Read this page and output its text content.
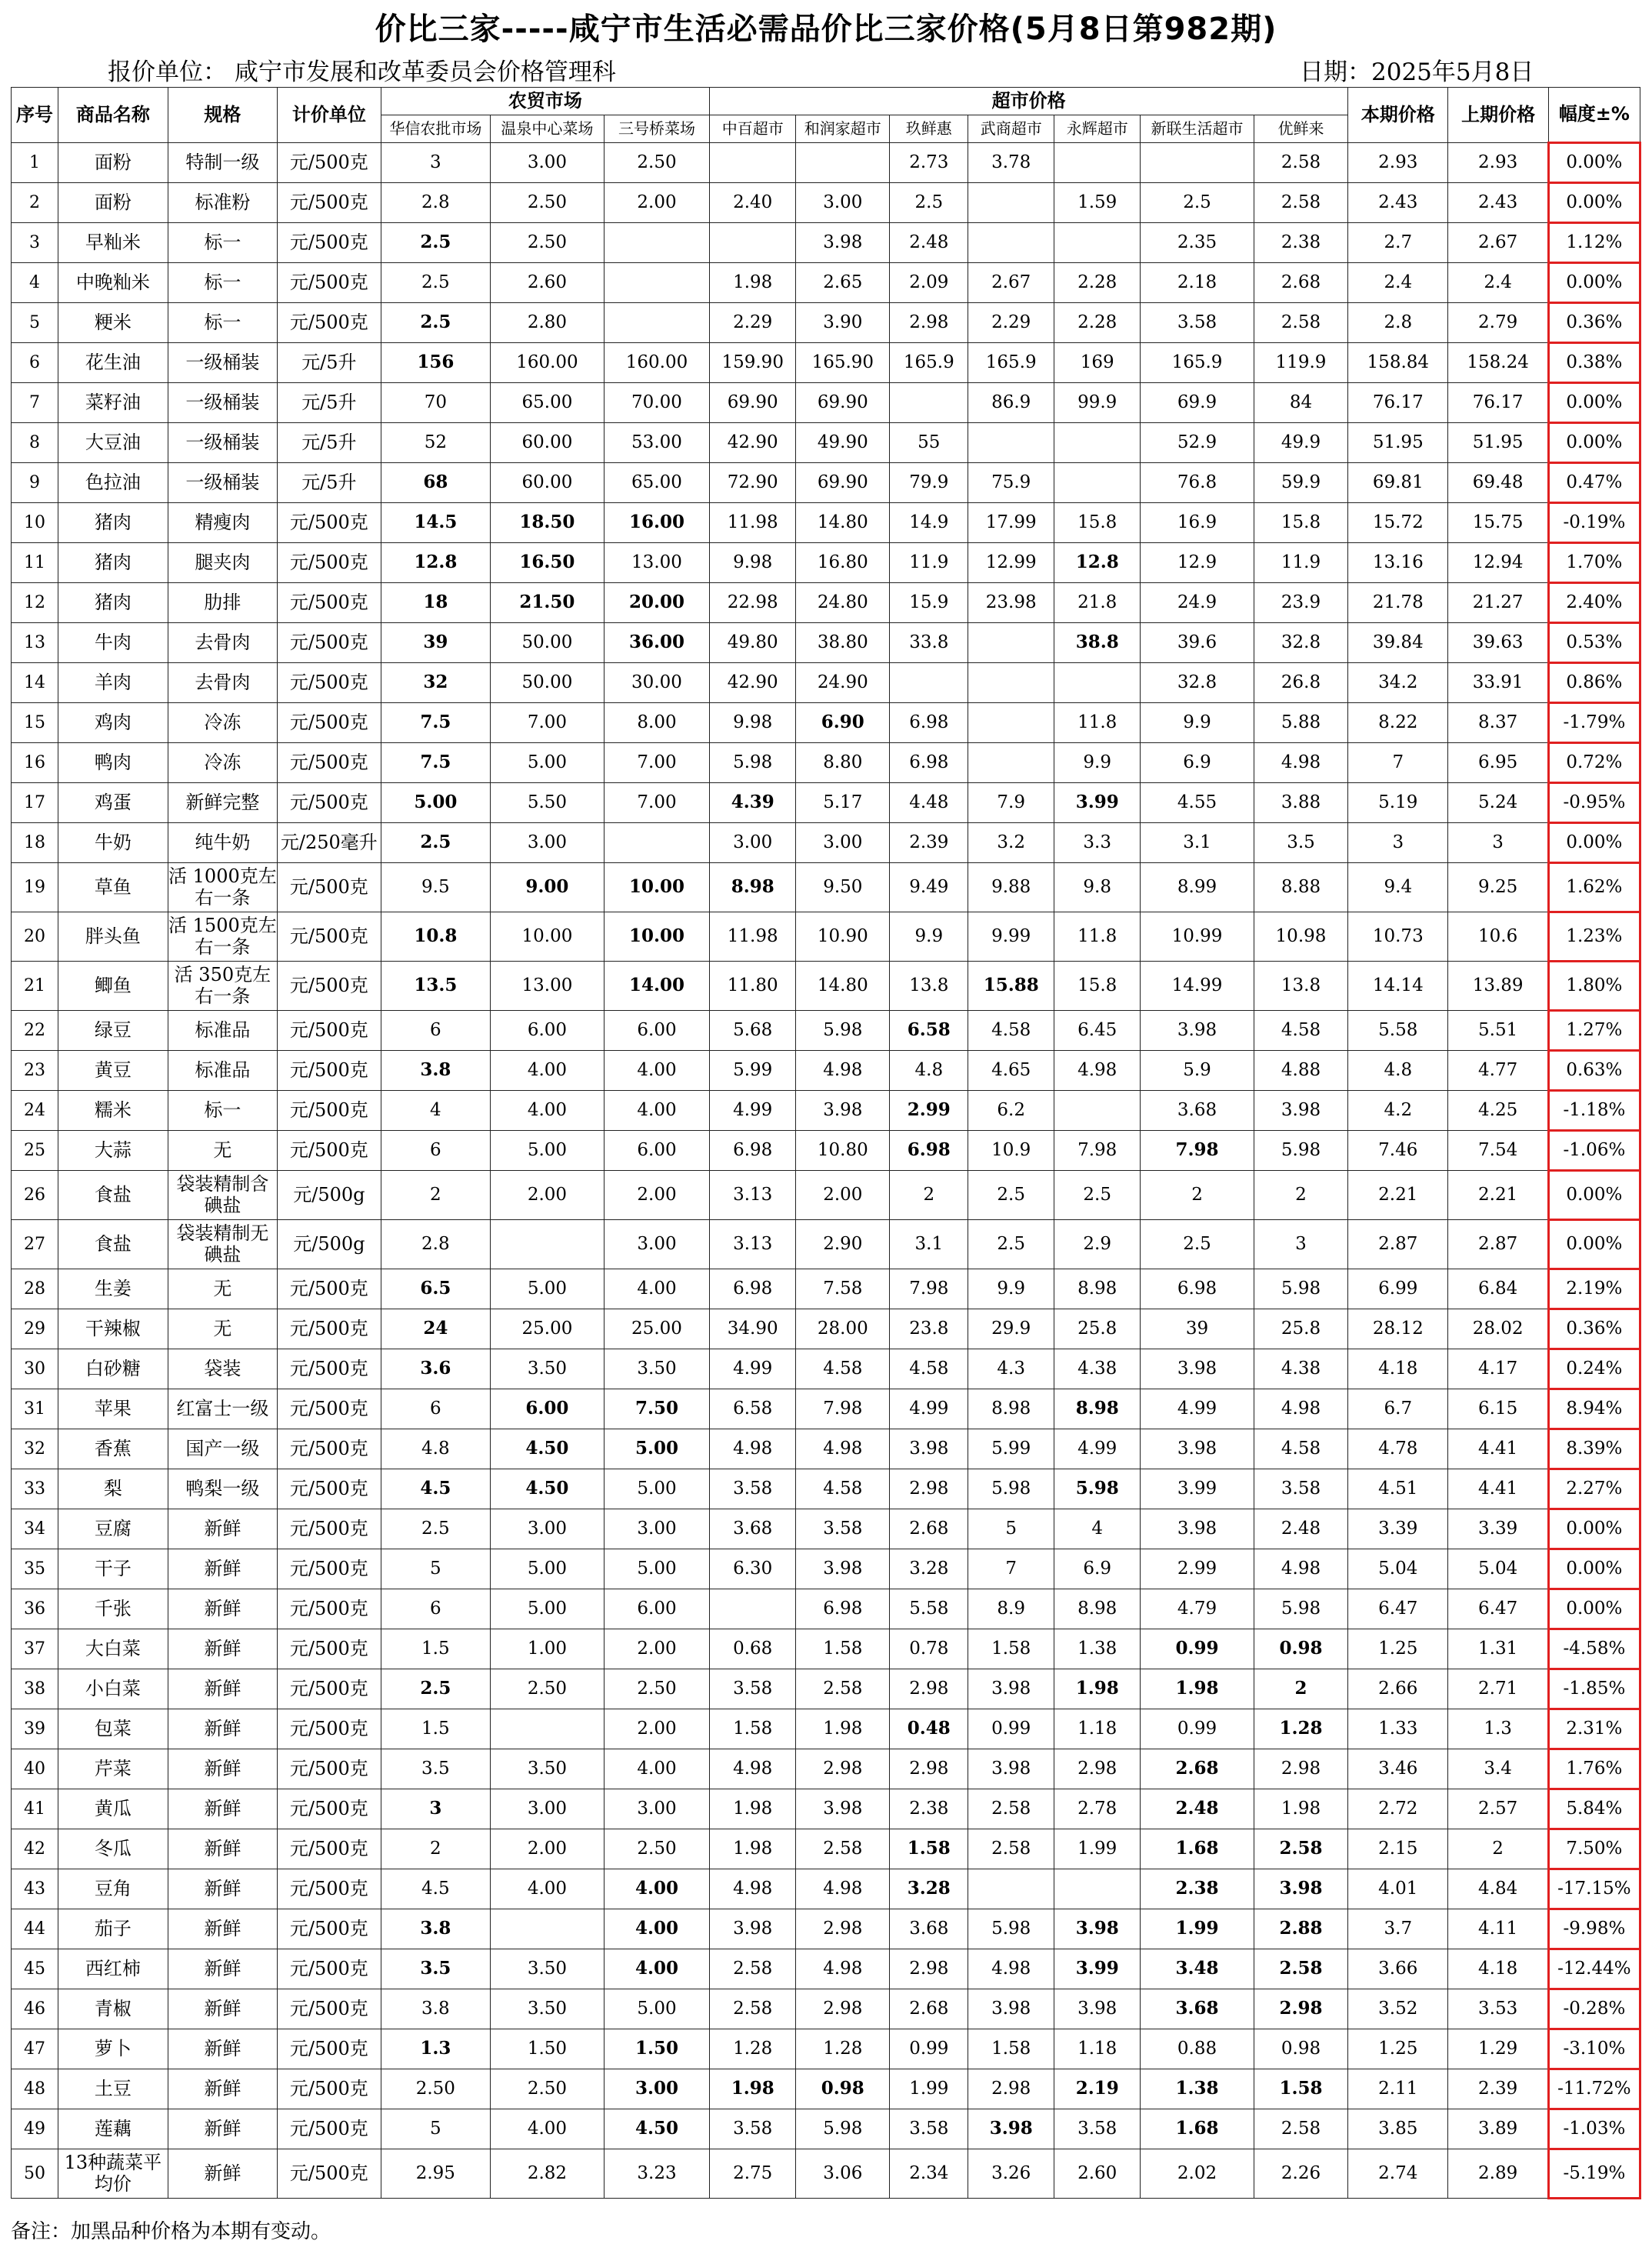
价比三家-----咸宁市生活必需品价比三家价格(5月8日第982期)
报价单位： 咸宁市发展和改革委员会价格管理科	日期：2025年5月8日
序号	商品名称	规格	计价单位	农贸市场			超市价格							本期价格	上期价格	幅度±%
				华信农批市场	温泉中心菜场	三号桥菜场	中百超市	和润家超市	玖鲜惠	武商超市	永辉超市	新联生活超市	优鲜来			
1	面粉	特制一级	元/500克	3	3.00	2.50			2.73	3.78			2.58	2.93	2.93	0.00%
2	面粉	标准粉	元/500克	2.8	2.50	2.00	2.40	3.00	2.5		1.59	2.5	2.58	2.43	2.43	0.00%
3	早籼米	标一	元/500克	2.5	2.50			3.98	2.48			2.35	2.38	2.7	2.67	1.12%
4	中晚籼米	标一	元/500克	2.5	2.60		1.98	2.65	2.09	2.67	2.28	2.18	2.68	2.4	2.4	0.00%
5	粳米	标一	元/500克	2.5	2.80		2.29	3.90	2.98	2.29	2.28	3.58	2.58	2.8	2.79	0.36%
6	花生油	一级桶装	元/5升	156	160.00	160.00	159.90	165.90	165.9	165.9	169	165.9	119.9	158.84	158.24	0.38%
7	菜籽油	一级桶装	元/5升	70	65.00	70.00	69.90	69.90		86.9	99.9	69.9	84	76.17	76.17	0.00%
8	大豆油	一级桶装	元/5升	52	60.00	53.00	42.90	49.90	55			52.9	49.9	51.95	51.95	0.00%
9	色拉油	一级桶装	元/5升	68	60.00	65.00	72.90	69.90	79.9	75.9		76.8	59.9	69.81	69.48	0.47%
10	猪肉	精瘦肉	元/500克	14.5	18.50	16.00	11.98	14.80	14.9	17.99	15.8	16.9	15.8	15.72	15.75	-0.19%
11	猪肉	腿夹肉	元/500克	12.8	16.50	13.00	9.98	16.80	11.9	12.99	12.8	12.9	11.9	13.16	12.94	1.70%
12	猪肉	肋排	元/500克	18	21.50	20.00	22.98	24.80	15.9	23.98	21.8	24.9	23.9	21.78	21.27	2.40%
13	牛肉	去骨肉	元/500克	39	50.00	36.00	49.80	38.80	33.8		38.8	39.6	32.8	39.84	39.63	0.53%
14	羊肉	去骨肉	元/500克	32	50.00	30.00	42.90	24.90				32.8	26.8	34.2	33.91	0.86%
15	鸡肉	冷冻	元/500克	7.5	7.00	8.00	9.98	6.90	6.98		11.8	9.9	5.88	8.22	8.37	-1.79%
16	鸭肉	冷冻	元/500克	7.5	5.00	7.00	5.98	8.80	6.98		9.9	6.9	4.98	7	6.95	0.72%
17	鸡蛋	新鲜完整	元/500克	5.00	5.50	7.00	4.39	5.17	4.48	7.9	3.99	4.55	3.88	5.19	5.24	-0.95%
18	牛奶	纯牛奶	元/250毫升	2.5	3.00		3.00	3.00	2.39	3.2	3.3	3.1	3.5	3	3	0.00%
19	草鱼	活 1000克左右一条	元/500克	9.5	9.00	10.00	8.98	9.50	9.49	9.88	9.8	8.99	8.88	9.4	9.25	1.62%
20	胖头鱼	活 1500克左右一条	元/500克	10.8	10.00	10.00	11.98	10.90	9.9	9.99	11.8	10.99	10.98	10.73	10.6	1.23%
21	鲫鱼	活 350克左右一条	元/500克	13.5	13.00	14.00	11.80	14.80	13.8	15.88	15.8	14.99	13.8	14.14	13.89	1.80%
22	绿豆	标准品	元/500克	6	6.00	6.00	5.68	5.98	6.58	4.58	6.45	3.98	4.58	5.58	5.51	1.27%
23	黄豆	标准品	元/500克	3.8	4.00	4.00	5.99	4.98	4.8	4.65	4.98	5.9	4.88	4.8	4.77	0.63%
24	糯米	标一	元/500克	4	4.00	4.00	4.99	3.98	2.99	6.2		3.68	3.98	4.2	4.25	-1.18%
25	大蒜	无	元/500克	6	5.00	6.00	6.98	10.80	6.98	10.9	7.98	7.98	5.98	7.46	7.54	-1.06%
26	食盐	袋装精制含碘盐	元/500g	2	2.00	2.00	3.13	2.00	2	2.5	2.5	2	2	2.21	2.21	0.00%
27	食盐	袋装精制无碘盐	元/500g	2.8		3.00	3.13	2.90	3.1	2.5	2.9	2.5	3	2.87	2.87	0.00%
28	生姜	无	元/500克	6.5	5.00	4.00	6.98	7.58	7.98	9.9	8.98	6.98	5.98	6.99	6.84	2.19%
29	干辣椒	无	元/500克	24	25.00	25.00	34.90	28.00	23.8	29.9	25.8	39	25.8	28.12	28.02	0.36%
30	白砂糖	袋装	元/500克	3.6	3.50	3.50	4.99	4.58	4.58	4.3	4.38	3.98	4.38	4.18	4.17	0.24%
31	苹果	红富士一级	元/500克	6	6.00	7.50	6.58	7.98	4.99	8.98	8.98	4.99	4.98	6.7	6.15	8.94%
32	香蕉	国产一级	元/500克	4.8	4.50	5.00	4.98	4.98	3.98	5.99	4.99	3.98	4.58	4.78	4.41	8.39%
33	梨	鸭梨一级	元/500克	4.5	4.50	5.00	3.58	4.58	2.98	5.98	5.98	3.99	3.58	4.51	4.41	2.27%
34	豆腐	新鲜	元/500克	2.5	3.00	3.00	3.68	3.58	2.68	5	4	3.98	2.48	3.39	3.39	0.00%
35	干子	新鲜	元/500克	5	5.00	5.00	6.30	3.98	3.28	7	6.9	2.99	4.98	5.04	5.04	0.00%
36	千张	新鲜	元/500克	6	5.00	6.00		6.98	5.58	8.9	8.98	4.79	5.98	6.47	6.47	0.00%
37	大白菜	新鲜	元/500克	1.5	1.00	2.00	0.68	1.58	0.78	1.58	1.38	0.99	0.98	1.25	1.31	-4.58%
38	小白菜	新鲜	元/500克	2.5	2.50	2.50	3.58	2.58	2.98	3.98	1.98	1.98	2	2.66	2.71	-1.85%
39	包菜	新鲜	元/500克	1.5		2.00	1.58	1.98	0.48	0.99	1.18	0.99	1.28	1.33	1.3	2.31%
40	芹菜	新鲜	元/500克	3.5	3.50	4.00	4.98	2.98	2.98	3.98	2.98	2.68	2.98	3.46	3.4	1.76%
41	黄瓜	新鲜	元/500克	3	3.00	3.00	1.98	3.98	2.38	2.58	2.78	2.48	1.98	2.72	2.57	5.84%
42	冬瓜	新鲜	元/500克	2	2.00	2.50	1.98	2.58	1.58	2.58	1.99	1.68	2.58	2.15	2	7.50%
43	豆角	新鲜	元/500克	4.5	4.00	4.00	4.98	4.98	3.28			2.38	3.98	4.01	4.84	-17.15%
44	茄子	新鲜	元/500克	3.8		4.00	3.98	2.98	3.68	5.98	3.98	1.99	2.88	3.7	4.11	-9.98%
45	西红柿	新鲜	元/500克	3.5	3.50	4.00	2.58	4.98	2.98	4.98	3.99	3.48	2.58	3.66	4.18	-12.44%
46	青椒	新鲜	元/500克	3.8	3.50	5.00	2.58	2.98	2.68	3.98	3.98	3.68	2.98	3.52	3.53	-0.28%
47	萝卜	新鲜	元/500克	1.3	1.50	1.50	1.28	1.28	0.99	1.58	1.18	0.88	0.98	1.25	1.29	-3.10%
48	土豆	新鲜	元/500克	2.50	2.50	3.00	1.98	0.98	1.99	2.98	2.19	1.38	1.58	2.11	2.39	-11.72%
49	莲藕	新鲜	元/500克	5	4.00	4.50	3.58	5.98	3.58	3.98	3.58	1.68	2.58	3.85	3.89	-1.03%
50	13种蔬菜平均价	新鲜	元/500克	2.95	2.82	3.23	2.75	3.06	2.34	3.26	2.60	2.02	2.26	2.74	2.89	-5.19%
备注：加黑品种价格为本期有变动。
